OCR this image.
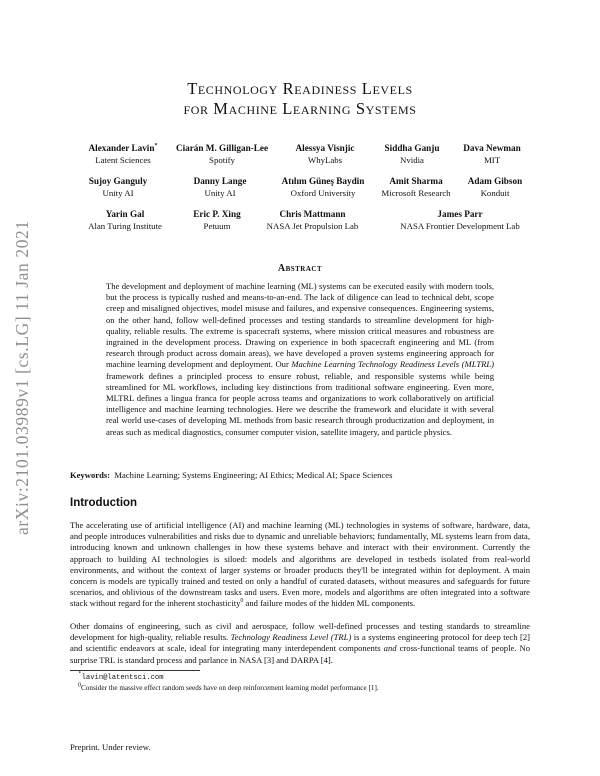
arXiv:2101.03989v1 [cs.LG] 11 Jan 2021
Technology Readiness Levels
for Machine Learning Systems
Alexander Lavin*
Latent Sciences
Ciarán M. Gilligan-Lee
Spotify
Alessya Visnjic
WhyLabs
Siddha Ganju
Nvidia
Dava Newman
MIT
Sujoy Ganguly
Unity AI
Danny Lange
Unity AI
Atılım Güneş Baydin
Oxford University
Amit Sharma
Microsoft Research
Adam Gibson
Konduit
Yarin Gal
Alan Turing Institute
Eric P. Xing
Petuum
Chris Mattmann
NASA Jet Propulsion Lab
James Parr
NASA Frontier Development Lab
Abstract
The development and deployment of machine learning (ML) systems can be executed easily with modern tools, but the process is typically rushed and means-to-an-end. The lack of diligence can lead to technical debt, scope creep and misaligned objectives, model misuse and failures, and expensive consequences. Engineering systems, on the other hand, follow well-defined processes and testing standards to streamline development for high-quality, reliable results. The extreme is spacecraft systems, where mission critical measures and robustness are ingrained in the development process. Drawing on experience in both spacecraft engineering and ML (from research through product across domain areas), we have developed a proven systems engineering approach for machine learning development and deployment. Our Machine Learning Technology Readiness Levels (MLTRL) framework defines a principled process to ensure robust, reliable, and responsible systems while being streamlined for ML workflows, including key distinctions from traditional software engineering. Even more, MLTRL defines a lingua franca for people across teams and organizations to work collaboratively on artificial intelligence and machine learning technologies. Here we describe the framework and elucidate it with several real world use-cases of developing ML methods from basic research through productization and deployment, in areas such as medical diagnostics, consumer computer vision, satellite imagery, and particle physics.
Keywords: Machine Learning; Systems Engineering; AI Ethics; Medical AI; Space Sciences
Introduction
The accelerating use of artificial intelligence (AI) and machine learning (ML) technologies in systems of software, hardware, data, and people introduces vulnerabilities and risks due to dynamic and unreliable behaviors; fundamentally, ML systems learn from data, introducing known and unknown challenges in how these systems behave and interact with their environment. Currently the approach to building AI technologies is siloed: models and algorithms are developed in testbeds isolated from real-world environments, and without the context of larger systems or broader products they'll be integrated within for deployment. A main concern is models are typically trained and tested on only a handful of curated datasets, without measures and safeguards for future scenarios, and oblivious of the downstream tasks and users. Even more, models and algorithms are often integrated into a software stack without regard for the inherent stochasticity$^0$ and failure modes of the hidden ML components.
Other domains of engineering, such as civil and aerospace, follow well-defined processes and testing standards to streamline development for high-quality, reliable results. Technology Readiness Level (TRL) is a systems engineering protocol for deep tech [2] and scientific endeavors at scale, ideal for integrating many interdependent components and cross-functional teams of people. No surprise TRL is standard process and parlance in NASA [3] and DARPA [4].
*lavin@latentsci.com
$^0$Consider the massive effect random seeds have on deep reinforcement learning model performance [1].
Preprint. Under review.
